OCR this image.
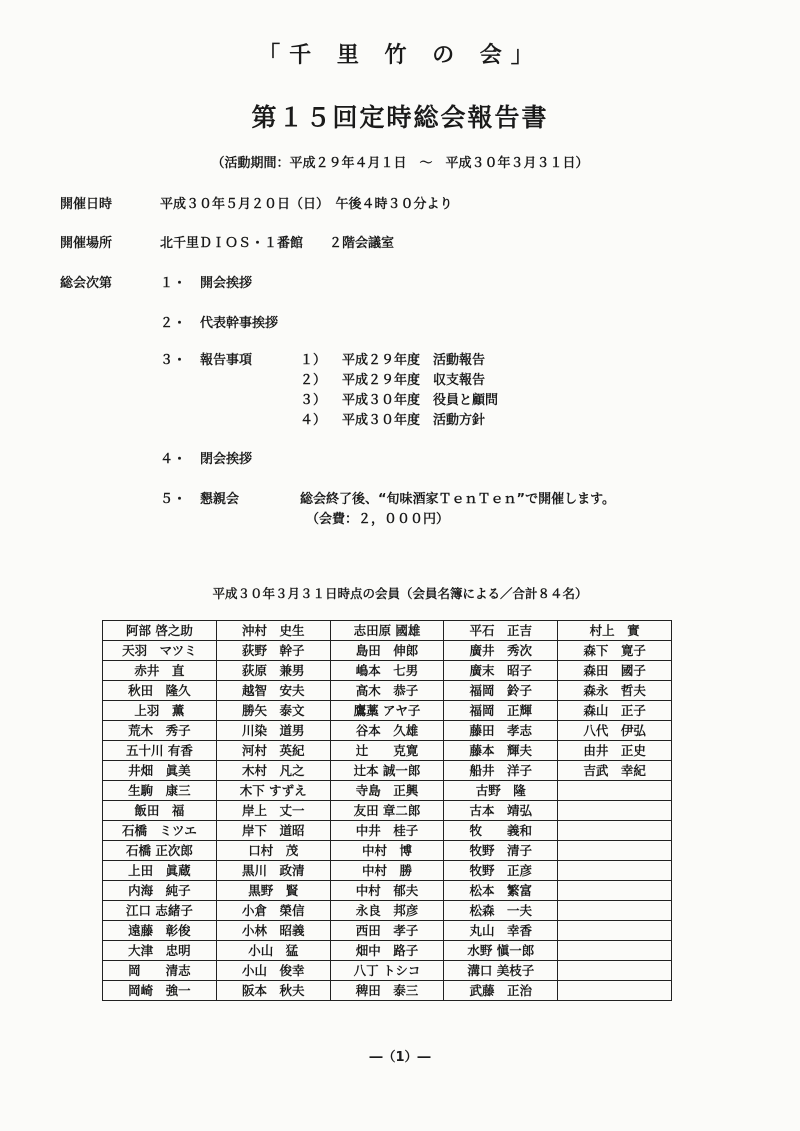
「千 里 竹 の 会」
第１５回定時総会報告書
（活動期間：平成２９年４月１日　～　平成３０年３月３１日）
開催日時	平成３０年５月２０日（日）　午後４時３０分より
開催場所	北千里ＤＩＯＳ・１番館　　２階会議室
総会次第	１・ 開会挨拶
２・ 代表幹事挨拶
３・ 報告事項	１） 平成２９年度　活動報告
２） 平成２９年度　収支報告
３） 平成３０年度　役員と顧問
４） 平成３０年度　活動方針
４・ 閉会挨拶
５・ 懇親会	総会終了後、“旬味酒家ＴｅｎＴｅｎ”で開催します。
（会費：２，０００円）
平成３０年３月３１日時点の会員（会員名簿による／合計８４名）
阿部 啓之助	沖村　史生	志田原 國雄	平石　正吉	村上　實
天羽　マツミ	荻野　幹子	島田　伸郎	廣井　秀次	森下　寛子
赤井　直	荻原　兼男	嶋本　七男	廣末　昭子	森田　國子
秋田　隆久	越智　安夫	高木　恭子	福岡　鈴子	森永　哲夫
上羽　薫	勝矢　泰文	鷹藁 アヤ子	福岡　正輝	森山　正子
荒木　秀子	川染　道男	谷本　久雄	藤田　孝志	八代　伊弘
五十川 有香	河村　英紀	辻　　克寛	藤本　輝夫	由井　正史
井畑　眞美	木村　凡之	辻本 誠一郎	船井　洋子	吉武　幸紀
生駒　康三	木下 すずえ	寺島　正興	古野　隆	
飯田　福	岸上　丈一	友田 章二郎	古本　靖弘	
石橋　ミツエ	岸下　道昭	中井　桂子	牧　　義和	
石橋 正次郎	口村　茂	中村　博	牧野　清子	
上田　眞蔵	黒川　政清	中村　勝	牧野　正彦	
内海　純子	黒野　賢	中村　郁夫	松本　繁富	
江口 志緒子	小倉　榮信	永良　邦彦	松森　一夫	
遠藤　彰俊	小林　昭義	西田　孝子	丸山　幸香	
大津　忠明	小山　猛	畑中　路子	水野 愼一郎	
岡　　清志	小山　俊幸	八丁 トシコ	溝口 美枝子	
岡崎　強一	阪本　秋夫	稗田　泰三	武藤　正治	
―（1）―
